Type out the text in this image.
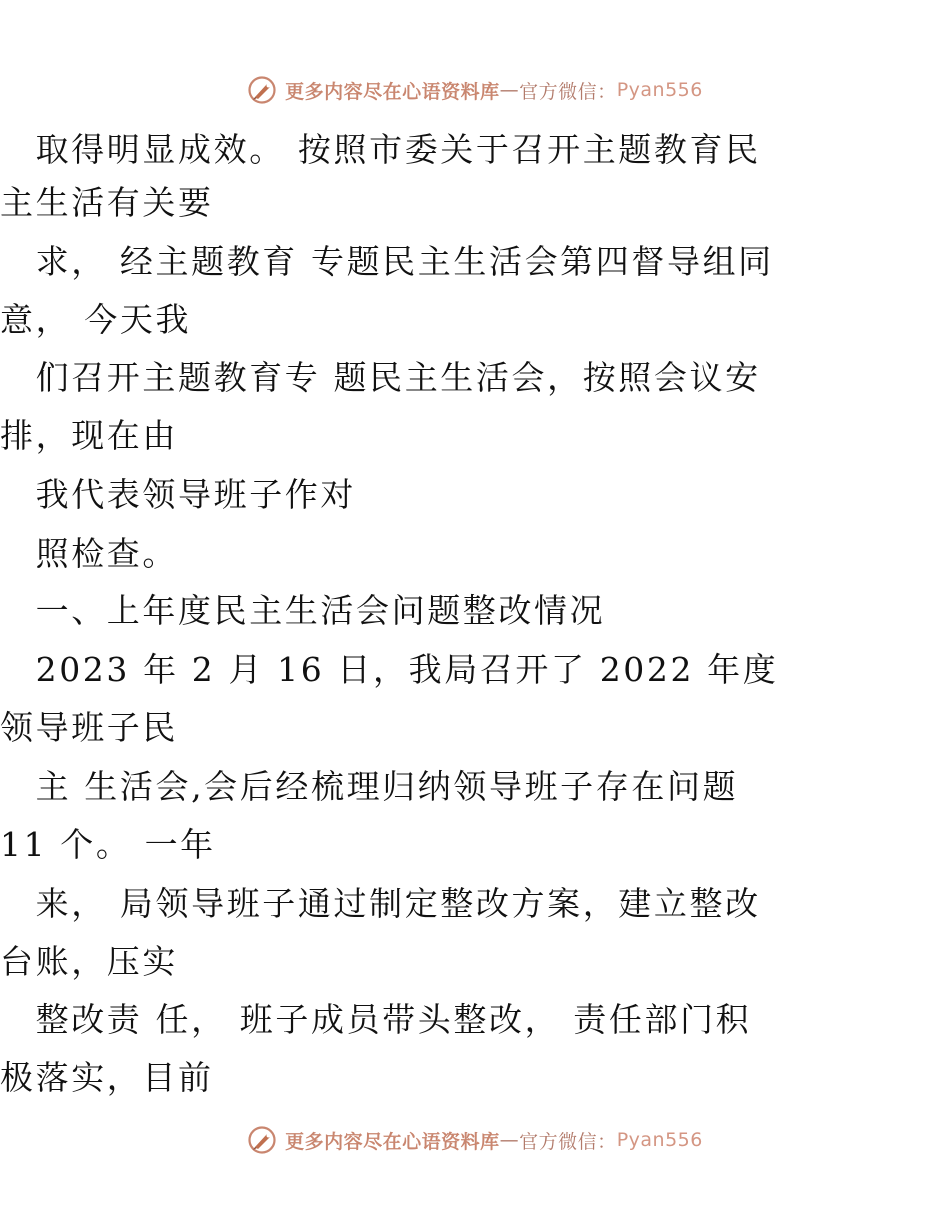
更多内容尽在心语资料库 — 官方微信： Pyan556
　取得明显成效。 按照市委关于召开主题教育民
主生活有关要
　求， 经主题教育 专题民主生活会第四督导组同
意， 今天我
　们召开主题教育专 题民主生活会，按照会议安
排，现在由
　我代表领导班子作对
　照检查。
　一、上年度民主生活会问题整改情况
　2023 年 2 月 16 日，我局召开了 2022 年度
领导班子民
　主 生活会,会后经梳理归纳领导班子存在问题
11 个。 一年
　来， 局领导班子通过制定整改方案，建立整改
台账，压实
　整改责 任， 班子成员带头整改， 责任部门积
极落实，目前
更多内容尽在心语资料库 — 官方微信： Pyan556
